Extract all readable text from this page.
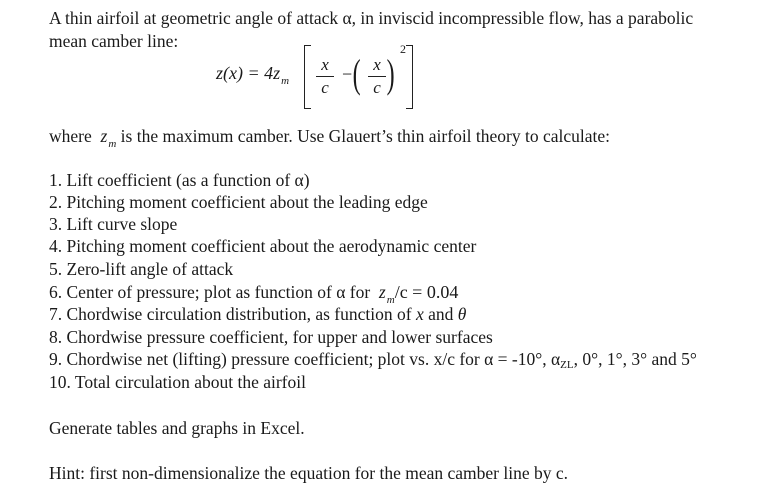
A thin airfoil at geometric angle of attack α, in inviscid incompressible flow, has a parabolic
mean camber line:
$z(x) = 4z_m$
x
c
− ( x
c )
2
where  $z_m$ is the maximum camber. Use Glauert’s thin airfoil theory to calculate:
1. Lift coefficient (as a function of α)
2. Pitching moment coefficient about the leading edge
3. Lift curve slope
4. Pitching moment coefficient about the aerodynamic center
5. Zero-lift angle of attack
6. Center of pressure; plot as function of α for  $z_m/c = 0.04$
7. Chordwise circulation distribution, as function of x and θ
8. Chordwise pressure coefficient, for upper and lower surfaces
9. Chordwise net (lifting) pressure coefficient; plot vs. x/c for α = -10°, $\alpha_{ZL}$, 0°, 1°, 3° and 5°
10. Total circulation about the airfoil
Generate tables and graphs in Excel.
Hint: first non-dimensionalize the equation for the mean camber line by c.
